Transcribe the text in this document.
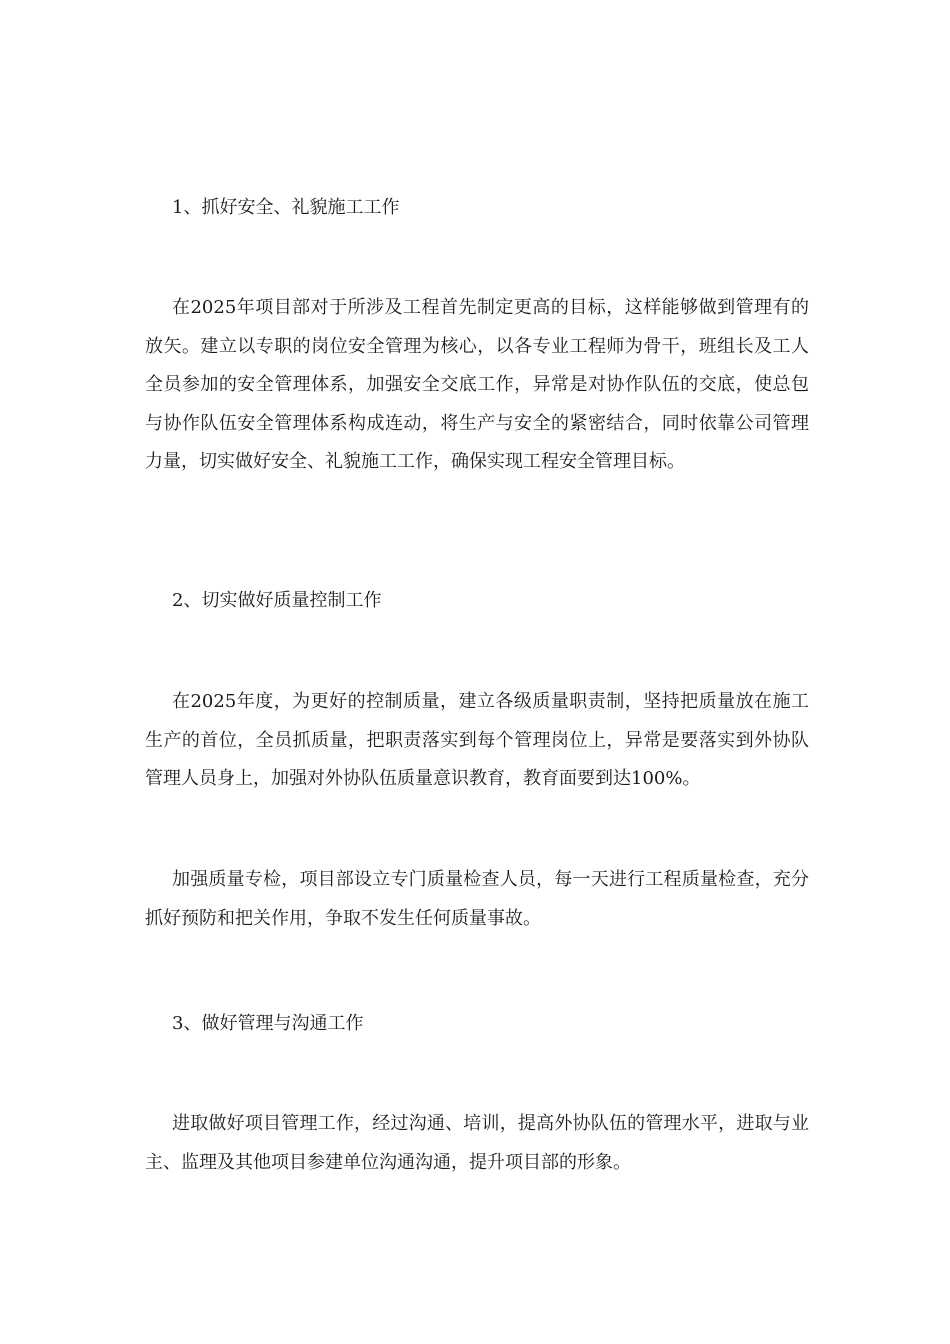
1、抓好安全、礼貌施工工作

在2025年项目部对于所涉及工程首先制定更高的目标，这样能够做到管理有的放矢。建立以专职的岗位安全管理为核心，以各专业工程师为骨干，班组长及工人全员参加的安全管理体系，加强安全交底工作，异常是对协作队伍的交底，使总包与协作队伍安全管理体系构成连动，将生产与安全的紧密结合，同时依靠公司管理力量，切实做好安全、礼貌施工工作，确保实现工程安全管理目标。

2、切实做好质量控制工作

在2025年度，为更好的控制质量，建立各级质量职责制，坚持把质量放在施工生产的首位，全员抓质量，把职责落实到每个管理岗位上，异常是要落实到外协队管理人员身上，加强对外协队伍质量意识教育，教育面要到达100%。

加强质量专检，项目部设立专门质量检查人员，每一天进行工程质量检查，充分抓好预防和把关作用，争取不发生任何质量事故。

3、做好管理与沟通工作

进取做好项目管理工作，经过沟通、培训，提高外协队伍的管理水平，进取与业主、监理及其他项目参建单位沟通沟通，提升项目部的形象。
